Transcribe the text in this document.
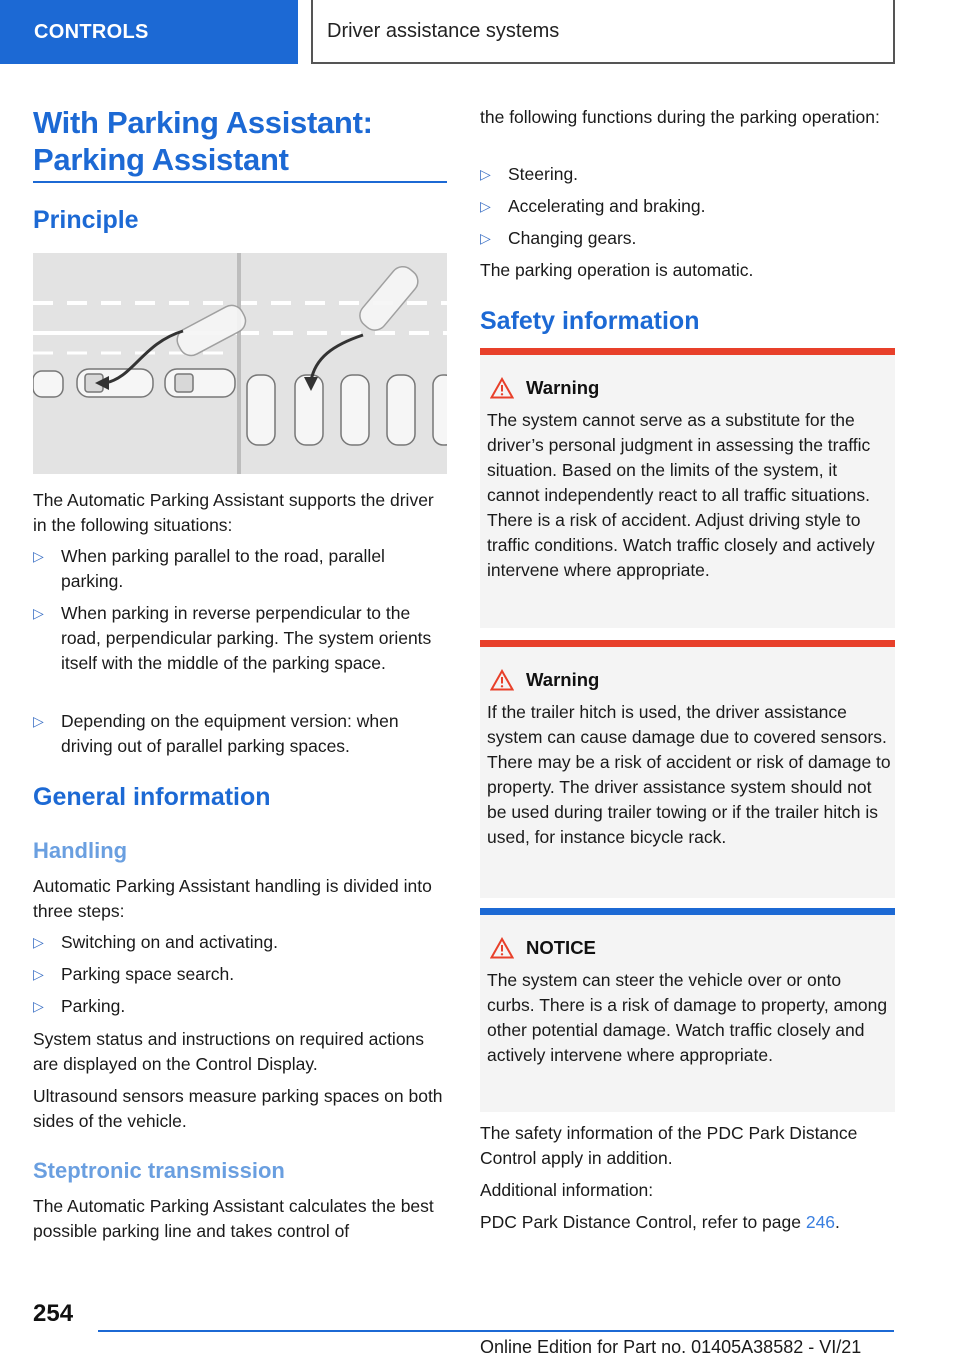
CONTROLS	Driver assistance systems
With Parking Assistant:
Parking Assistant
Principle

The Automatic Parking Assistant supports the driver in the following situations:

▷ When parking parallel to the road, parallel parking.
▷ When parking in reverse perpendicular to the road, perpendicular parking. The system orients itself with the middle of the parking space.
▷ Depending on the equipment version: when driving out of parallel parking spaces.
General information
Handling

Automatic Parking Assistant handling is divided into three steps:

▷ Switching on and activating.
▷ Parking space search.
▷ Parking.

System status and instructions on required actions are displayed on the Control Display.

Ultrasound sensors measure parking spaces on both sides of the vehicle.

Steptronic transmission

The Automatic Parking Assistant calculates the best possible parking line and takes control of

the following functions during the parking operation:

▷ Steering.
▷ Accelerating and braking.
▷ Changing gears.

The parking operation is automatic.

Safety information
Warning

The system cannot serve as a substitute for the driver’s personal judgment in assessing the traffic situation. Based on the limits of the system, it cannot independently react to all traffic situations. There is a risk of accident. Adjust driving style to traffic conditions. Watch traffic closely and actively intervene where appropriate.

Warning

If the trailer hitch is used, the driver assistance system can cause damage due to covered sensors. There may be a risk of accident or risk of damage to property. The driver assistance system should not be used during trailer towing or if the trailer hitch is used, for instance bicycle rack.

NOTICE

The system can steer the vehicle over or onto curbs. There is a risk of damage to property, among other potential damage. Watch traffic closely and actively intervene where appropriate.

The safety information of the PDC Park Distance Control apply in addition.

Additional information:

PDC Park Distance Control, refer to page 246.

254
Online Edition for Part no. 01405A38582 - VI/21
